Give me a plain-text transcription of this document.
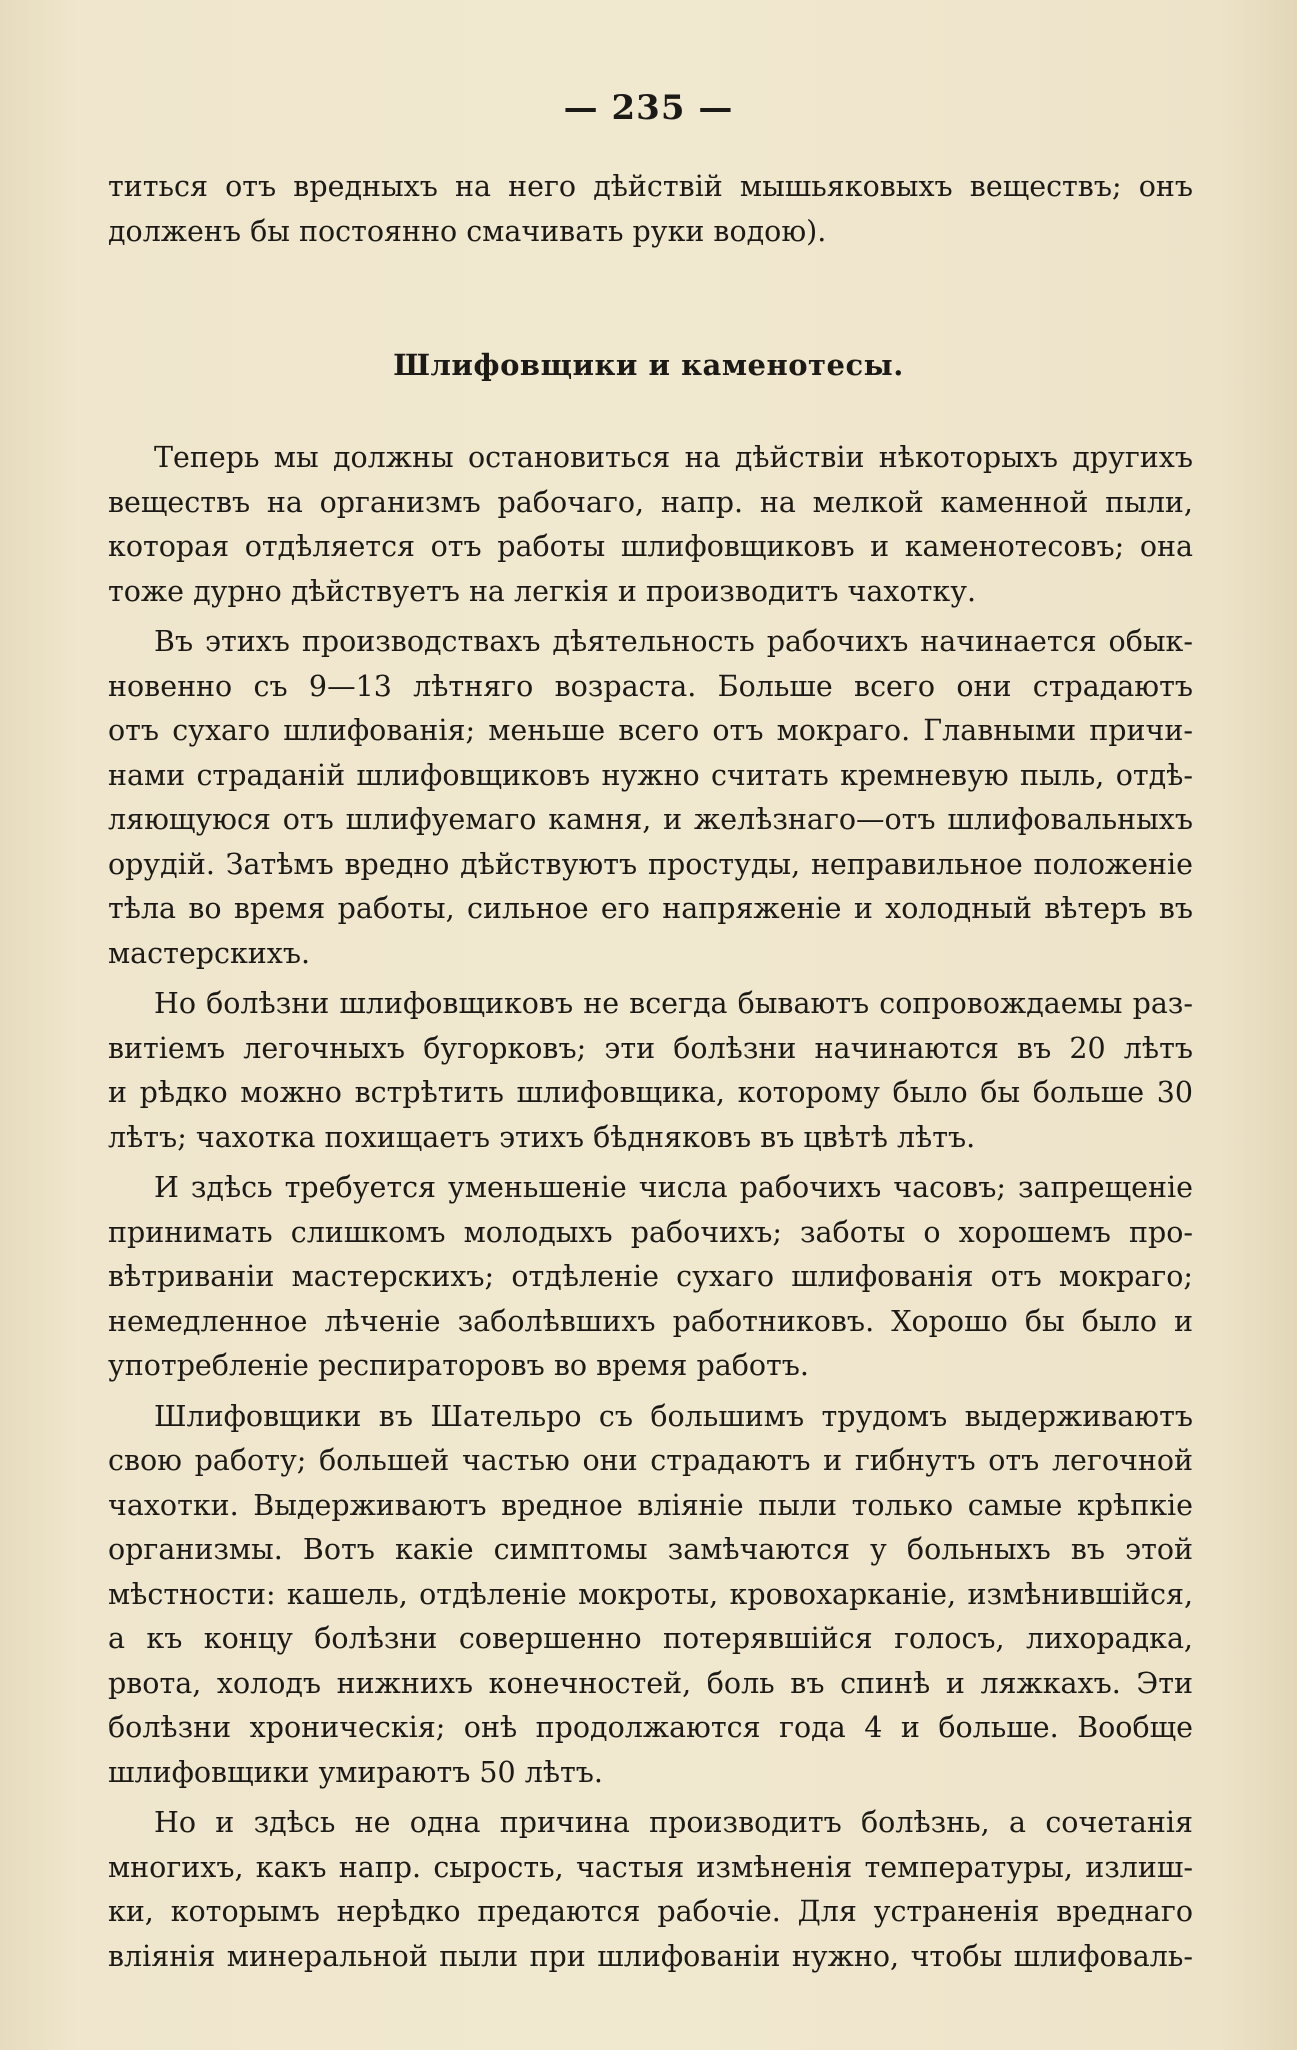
— 235 —
титься отъ вредныхъ на него дѣйствій мышьяковыхъ веществъ; онъ
долженъ бы постоянно смачивать руки водою).
Шлифовщики и каменотесы.
Теперь мы должны остановиться на дѣйствіи нѣкоторыхъ другихъ
веществъ на организмъ рабочаго, напр. на мелкой каменной пыли,
которая отдѣляется отъ работы шлифовщиковъ и каменотесовъ; она
тоже дурно дѣйствуетъ на легкія и производитъ чахотку.
Въ этихъ производствахъ дѣятельность рабочихъ начинается обык-
новенно съ 9—13 лѣтняго возраста. Больше всего они страдаютъ
отъ сухаго шлифованія; меньше всего отъ мокраго. Главными причи-
нами страданій шлифовщиковъ нужно считать кремневую пыль, отдѣ-
ляющуюся отъ шлифуемаго камня, и желѣзнаго—отъ шлифовальныхъ
орудій. Затѣмъ вредно дѣйствуютъ простуды, неправильное положеніе
тѣла во время работы, сильное его напряженіе и холодный вѣтеръ въ
мастерскихъ.
Но болѣзни шлифовщиковъ не всегда бываютъ сопровождаемы раз-
витіемъ легочныхъ бугорковъ; эти болѣзни начинаются въ 20 лѣтъ
и рѣдко можно встрѣтить шлифовщика, которому было бы больше 30
лѣтъ; чахотка похищаетъ этихъ бѣдняковъ въ цвѣтѣ лѣтъ.
И здѣсь требуется уменьшеніе числа рабочихъ часовъ; запрещеніе
принимать слишкомъ молодыхъ рабочихъ; заботы о хорошемъ про-
вѣтриваніи мастерскихъ; отдѣленіе сухаго шлифованія отъ мокраго;
немедленное лѣченіе заболѣвшихъ работниковъ. Хорошо бы было и
употребленіе респираторовъ во время работъ.
Шлифовщики въ Шательро съ большимъ трудомъ выдерживаютъ
свою работу; большей частью они страдаютъ и гибнутъ отъ легочной
чахотки. Выдерживаютъ вредное вліяніе пыли только самые крѣпкіе
организмы. Вотъ какіе симптомы замѣчаются у больныхъ въ этой
мѣстности: кашель, отдѣленіе мокроты, кровохарканіе, измѣнившійся,
а къ концу болѣзни совершенно потерявшійся голосъ, лихорадка,
рвота, холодъ нижнихъ конечностей, боль въ спинѣ и ляжкахъ. Эти
болѣзни хроническія; онѣ продолжаются года 4 и больше. Вообще
шлифовщики умираютъ 50 лѣтъ.
Но и здѣсь не одна причина производитъ болѣзнь, а сочетанія
многихъ, какъ напр. сырость, частыя измѣненія температуры, излиш-
ки, которымъ нерѣдко предаются рабочіе. Для устраненія вреднаго
вліянія минеральной пыли при шлифованіи нужно, чтобы шлифоваль-
